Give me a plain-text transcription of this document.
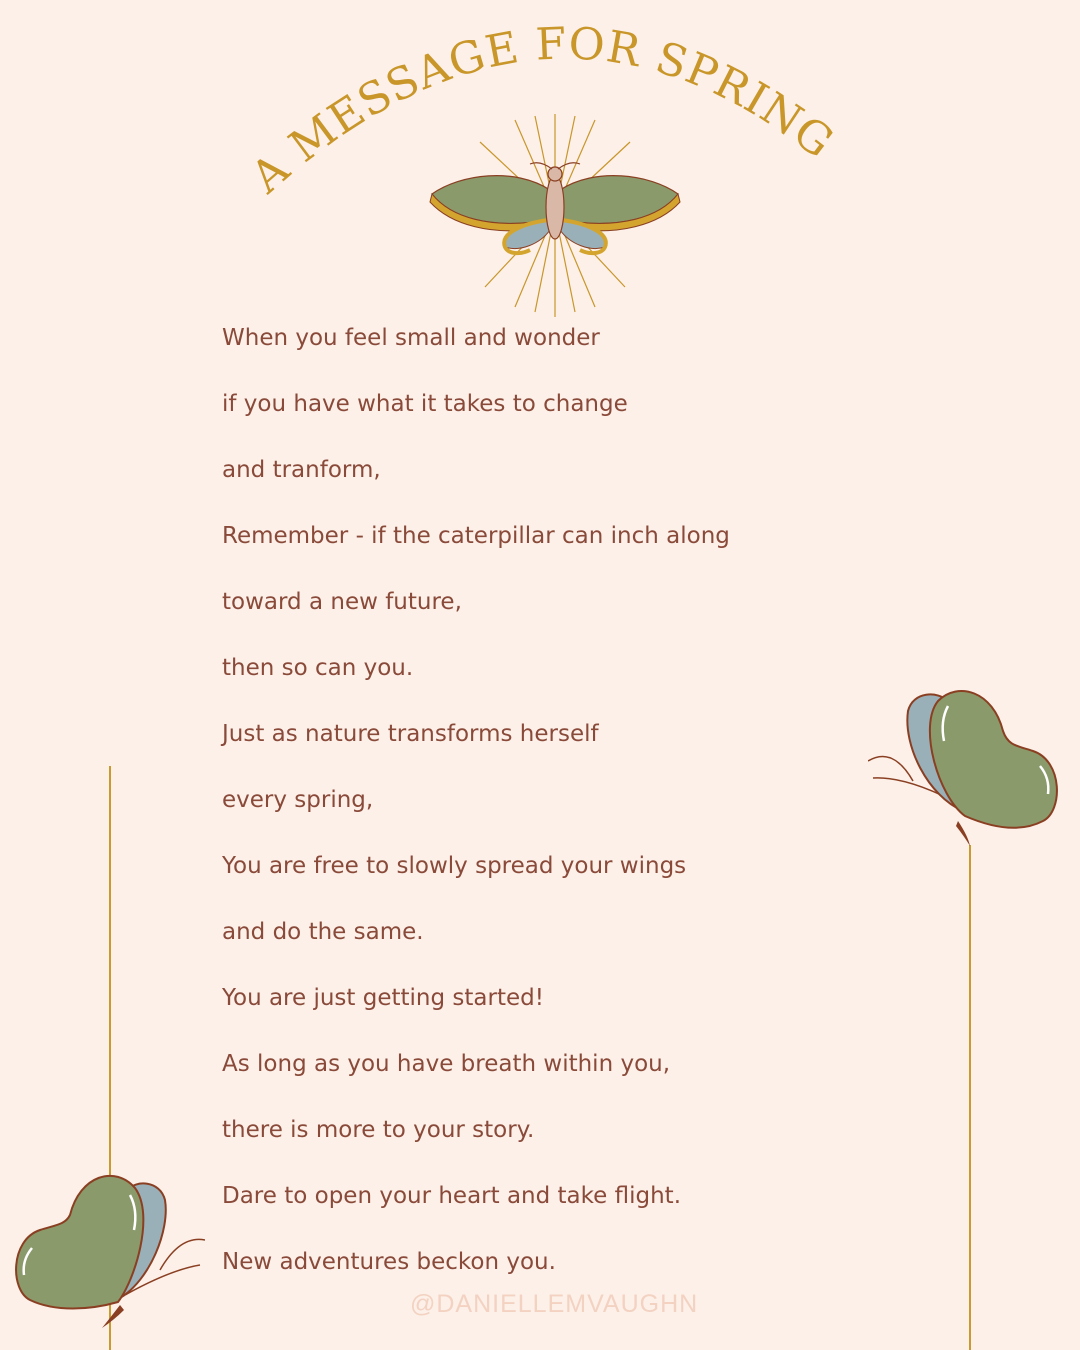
A MESSAGE FOR SPRING
When you feel small and wonder
if you have what it takes to change
and tranform,
Remember - if the caterpillar can inch along
toward a new future,
then so can you.
Just as nature transforms herself
every spring,
You are free to slowly spread your wings
and do the same.
You are just getting started!
As long as you have breath within you,
there is more to your story.
Dare to open your heart and take flight.
New adventures beckon you.
@DANIELLEMVAUGHN
